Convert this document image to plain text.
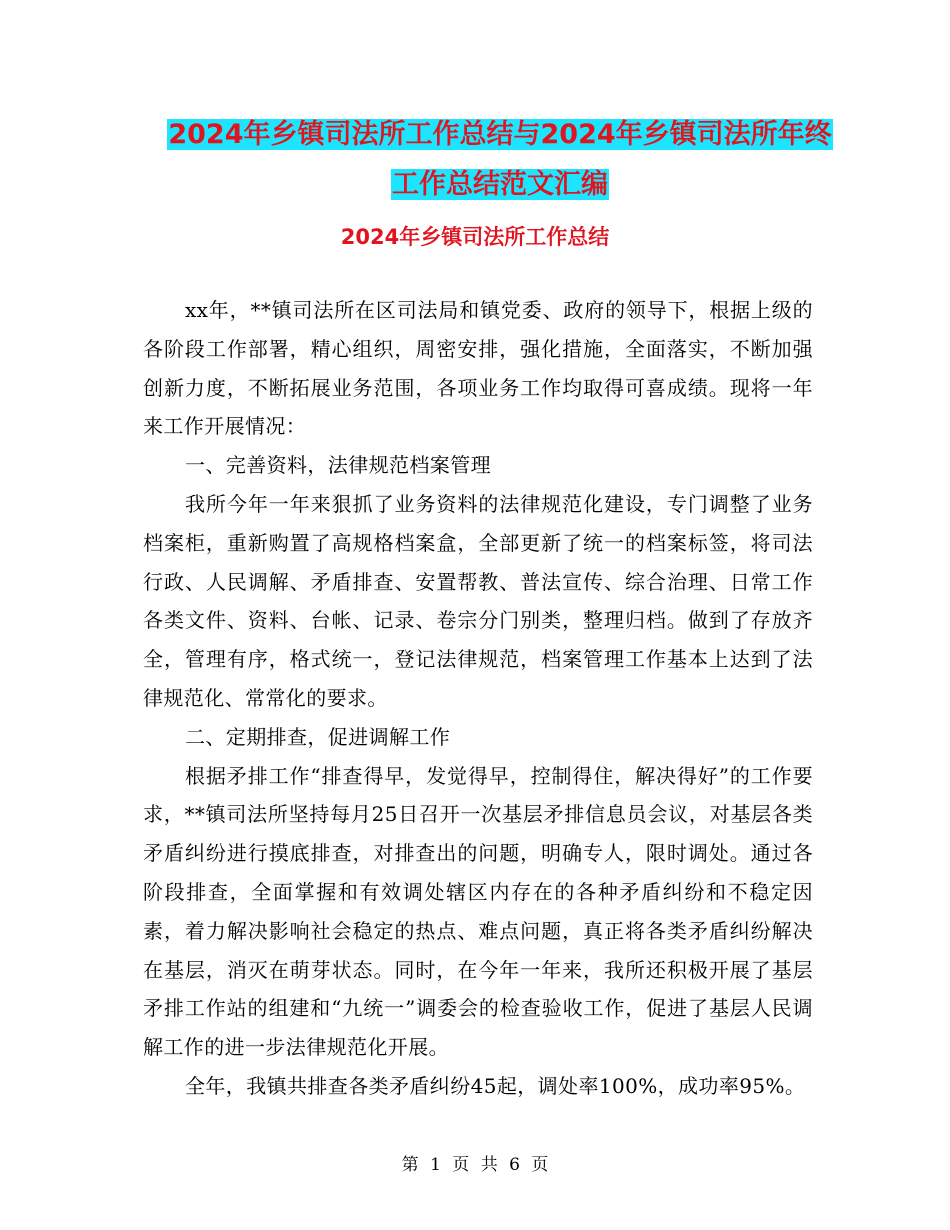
2024年乡镇司法所工作总结与2024年乡镇司法所年终
工作总结范文汇编
2024年乡镇司法所工作总结

xx年，**镇司法所在区司法局和镇党委、政府的领导下，根据上级的各阶段工作部署，精心组织，周密安排，强化措施，全面落实，不断加强创新力度，不断拓展业务范围，各项业务工作均取得可喜成绩。现将一年来工作开展情况：

一、完善资料，法律规范档案管理

我所今年一年来狠抓了业务资料的法律规范化建设，专门调整了业务档案柜，重新购置了高规格档案盒，全部更新了统一的档案标签，将司法行政、人民调解、矛盾排查、安置帮教、普法宣传、综合治理、日常工作各类文件、资料、台帐、记录、卷宗分门别类，整理归档。做到了存放齐全，管理有序，格式统一，登记法律规范，档案管理工作基本上达到了法律规范化、常常化的要求。

二、定期排查，促进调解工作

根据矛排工作“排查得早，发觉得早，控制得住，解决得好”的工作要求，**镇司法所坚持每月25日召开一次基层矛排信息员会议，对基层各类矛盾纠纷进行摸底排查，对排查出的问题，明确专人，限时调处。通过各阶段排查，全面掌握和有效调处辖区内存在的各种矛盾纠纷和不稳定因素，着力解决影响社会稳定的热点、难点问题，真正将各类矛盾纠纷解决在基层，消灭在萌芽状态。同时，在今年一年来，我所还积极开展了基层矛排工作站的组建和“九统一”调委会的检查验收工作，促进了基层人民调解工作的进一步法律规范化开展。

全年，我镇共排查各类矛盾纠纷45起，调处率100%，成功率95%。

第 1 页 共 6 页
